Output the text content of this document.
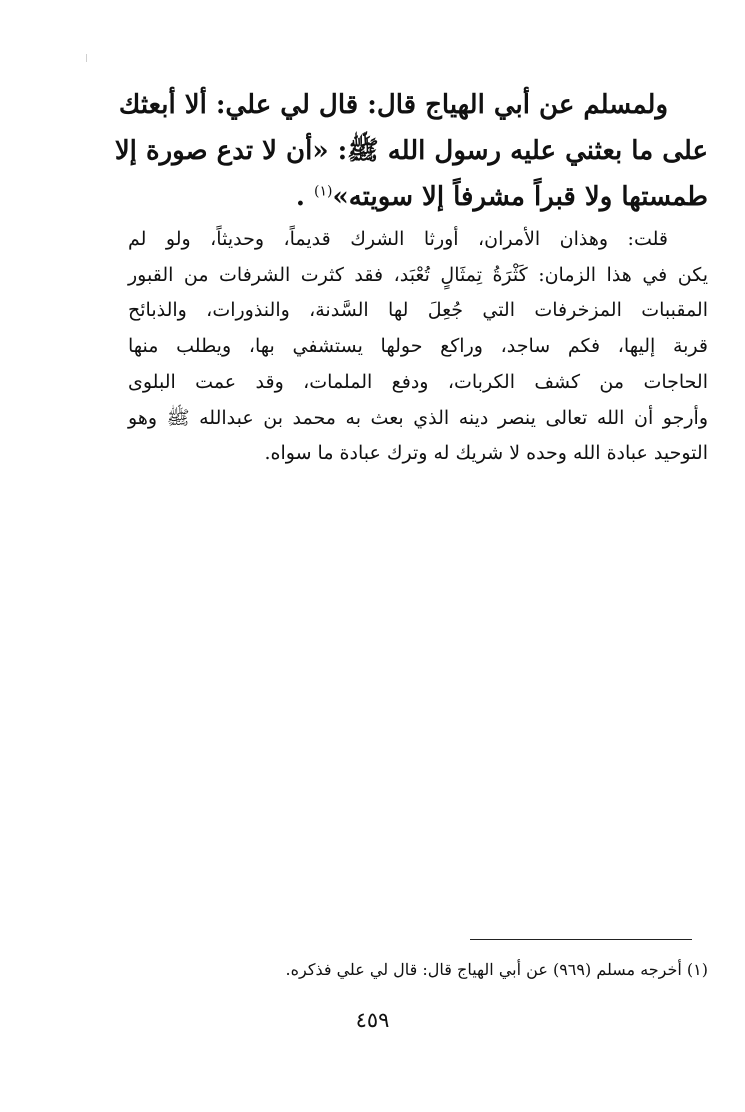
ولمسلم عن أبي الهياج قال: قال لي علي: ألا أبعثك
على ما بعثني عليه رسول الله ﷺ: «أن لا تدع صورة إلا
طمستها ولا قبراً مشرفاً إلا سويته»$^{(١)}$ .
قلت: وهذان الأمران، أورثا الشرك قديماً، وحديثاً، ولو لم
يكن في هذا الزمان: كَثْرَةُ تِمثَالٍ تُعْبَد، فقد كثرت الشرفات من القبور
المقببات المزخرفات التي جُعِلَ لها السَّدنة، والنذورات، والذبائح
قربة إليها، فكم ساجد، وراكع حولها يستشفي بها، ويطلب منها
الحاجات من كشف الكربات، ودفع الملمات، وقد عمت البلوى
وأرجو أن الله تعالى ينصر دينه الذي بعث به محمد بن عبدالله ﷺ وهو
التوحيد عبادة الله وحده لا شريك له وترك عبادة ما سواه.
(١) أخرجه مسلم (٩٦٩) عن أبي الهياج قال: قال لي علي فذكره.
٤٥٩
